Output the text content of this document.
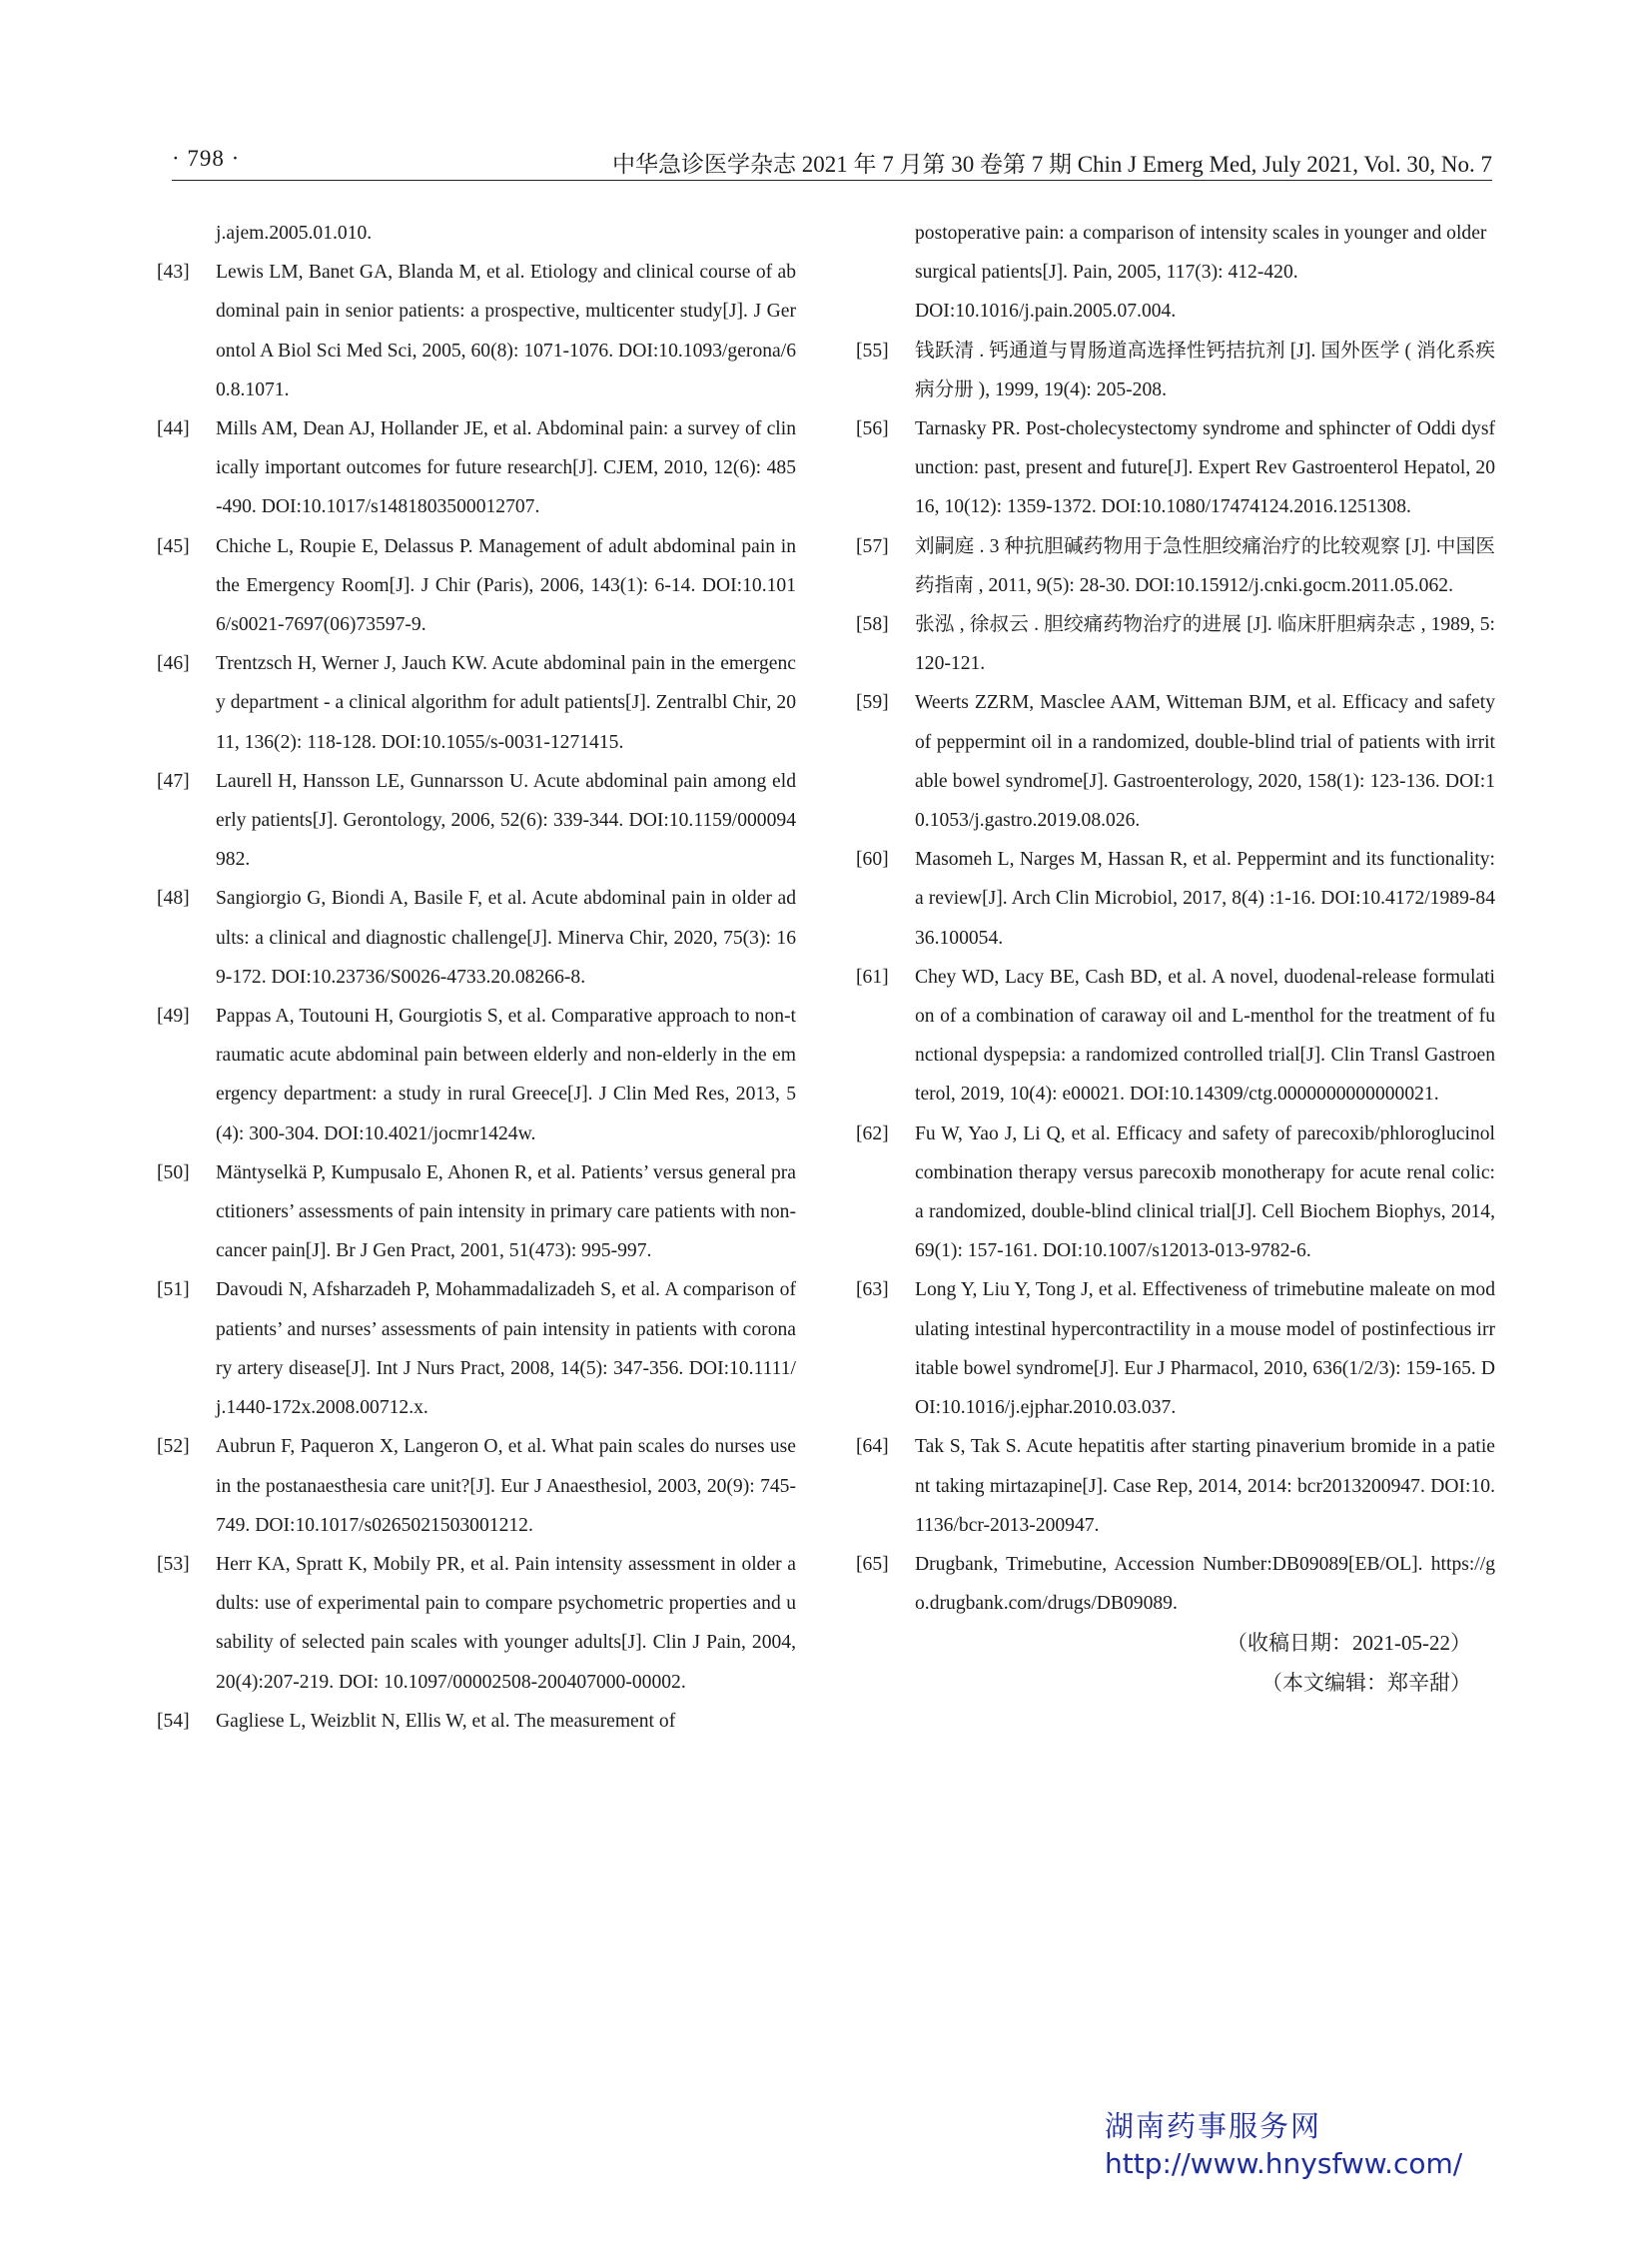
· 798 ·	中华急诊医学杂志 2021 年 7 月第 30 卷第 7 期 Chin J Emerg Med, July 2021, Vol. 30, No. 7
j.ajem.2005.01.010.
[43] Lewis LM, Banet GA, Blanda M, et al. Etiology and clinical course of abdominal pain in senior patients: a prospective, multicenter study[J]. J Gerontol A Biol Sci Med Sci, 2005, 60(8): 1071-1076. DOI:10.1093/gerona/60.8.1071.
[44] Mills AM, Dean AJ, Hollander JE, et al. Abdominal pain: a survey of clinically important outcomes for future research[J]. CJEM, 2010, 12(6): 485-490. DOI:10.1017/s1481803500012707.
[45] Chiche L, Roupie E, Delassus P. Management of adult abdominal pain in the Emergency Room[J]. J Chir (Paris), 2006, 143(1): 6-14. DOI:10.1016/s0021-7697(06)73597-9.
[46] Trentzsch H, Werner J, Jauch KW. Acute abdominal pain in the emergency department - a clinical algorithm for adult patients[J]. Zentralbl Chir, 2011, 136(2): 118-128. DOI:10.1055/s-0031-1271415.
[47] Laurell H, Hansson LE, Gunnarsson U. Acute abdominal pain among elderly patients[J]. Gerontology, 2006, 52(6): 339-344. DOI:10.1159/000094982.
[48] Sangiorgio G, Biondi A, Basile F, et al. Acute abdominal pain in older adults: a clinical and diagnostic challenge[J]. Minerva Chir, 2020, 75(3): 169-172. DOI:10.23736/S0026-4733.20.08266-8.
[49] Pappas A, Toutouni H, Gourgiotis S, et al. Comparative approach to non-traumatic acute abdominal pain between elderly and non-elderly in the emergency department: a study in rural Greece[J]. J Clin Med Res, 2013, 5(4): 300-304. DOI:10.4021/jocmr1424w.
[50] Mäntyselkä P, Kumpusalo E, Ahonen R, et al. Patients’ versus general practitioners’ assessments of pain intensity in primary care patients with non-cancer pain[J]. Br J Gen Pract, 2001, 51(473): 995-997.
[51] Davoudi N, Afsharzadeh P, Mohammadalizadeh S, et al. A comparison of patients’ and nurses’ assessments of pain intensity in patients with coronary artery disease[J]. Int J Nurs Pract, 2008, 14(5): 347-356. DOI:10.1111/j.1440-172x.2008.00712.x.
[52] Aubrun F, Paqueron X, Langeron O, et al. What pain scales do nurses use in the postanaesthesia care unit?[J]. Eur J Anaesthesiol, 2003, 20(9): 745-749. DOI:10.1017/s0265021503001212.
[53] Herr KA, Spratt K, Mobily PR, et al. Pain intensity assessment in older adults: use of experimental pain to compare psychometric properties and usability of selected pain scales with younger adults[J]. Clin J Pain, 2004, 20(4):207-219. DOI: 10.1097/00002508-200407000-00002.
[54] Gagliese L, Weizblit N, Ellis W, et al. The measurement of
postoperative pain: a comparison of intensity scales in younger and older surgical patients[J]. Pain, 2005, 117(3): 412-420. DOI:10.1016/j.pain.2005.07.004.
[55] 钱跃清 . 钙通道与胃肠道高选择性钙拮抗剂 [J]. 国外医学 ( 消化系疾病分册 ), 1999, 19(4): 205-208.
[56] Tarnasky PR. Post-cholecystectomy syndrome and sphincter of Oddi dysfunction: past, present and future[J]. Expert Rev Gastroenterol Hepatol, 2016, 10(12): 1359-1372. DOI:10.1080/17474124.2016.1251308.
[57] 刘嗣庭 . 3 种抗胆碱药物用于急性胆绞痛治疗的比较观察 [J]. 中国医药指南 , 2011, 9(5): 28-30. DOI:10.15912/j.cnki.gocm.2011.05.062.
[58] 张泓 , 徐叔云 . 胆绞痛药物治疗的进展 [J]. 临床肝胆病杂志 , 1989, 5: 120-121.
[59] Weerts ZZRM, Masclee AAM, Witteman BJM, et al. Efficacy and safety of peppermint oil in a randomized, double-blind trial of patients with irritable bowel syndrome[J]. Gastroenterology, 2020, 158(1): 123-136. DOI:10.1053/j.gastro.2019.08.026.
[60] Masomeh L, Narges M, Hassan R, et al. Peppermint and its functionality: a review[J]. Arch Clin Microbiol, 2017, 8(4) :1-16. DOI:10.4172/1989-8436.100054.
[61] Chey WD, Lacy BE, Cash BD, et al. A novel, duodenal-release formulation of a combination of caraway oil and L-menthol for the treatment of functional dyspepsia: a randomized controlled trial[J]. Clin Transl Gastroenterol, 2019, 10(4): e00021. DOI:10.14309/ctg.0000000000000021.
[62] Fu W, Yao J, Li Q, et al. Efficacy and safety of parecoxib/phloroglucinol combination therapy versus parecoxib monotherapy for acute renal colic: a randomized, double-blind clinical trial[J]. Cell Biochem Biophys, 2014, 69(1): 157-161. DOI:10.1007/s12013-013-9782-6.
[63] Long Y, Liu Y, Tong J, et al. Effectiveness of trimebutine maleate on modulating intestinal hypercontractility in a mouse model of postinfectious irritable bowel syndrome[J]. Eur J Pharmacol, 2010, 636(1/2/3): 159-165. DOI:10.1016/j.ejphar.2010.03.037.
[64] Tak S, Tak S. Acute hepatitis after starting pinaverium bromide in a patient taking mirtazapine[J]. Case Rep, 2014, 2014: bcr2013200947. DOI:10.1136/bcr-2013-200947.
[65] Drugbank, Trimebutine, Accession Number:DB09089[EB/OL]. https://go.drugbank.com/drugs/DB09089.
（收稿日期：2021-05-22）
（本文编辑：郑辛甜）
湖南药事服务网
http://www.hnysfww.com/
